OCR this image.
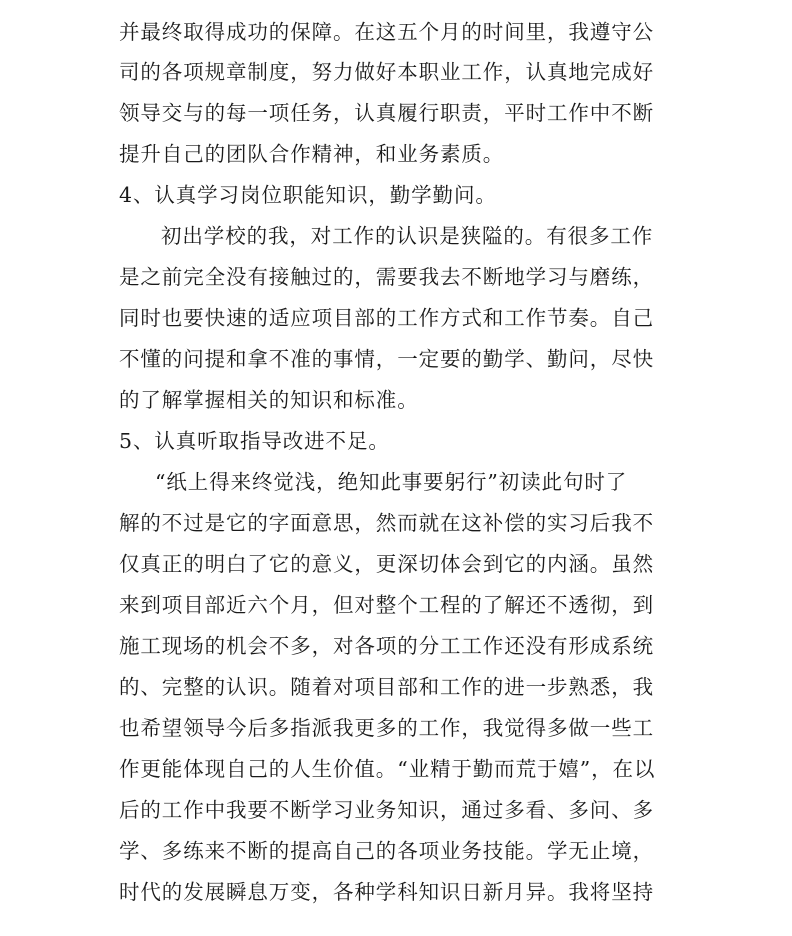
并最终取得成功的保障。在这五个月的时间里，我遵守公
司的各项规章制度，努力做好本职业工作，认真地完成好
领导交与的每一项任务，认真履行职责，平时工作中不断
提升自己的团队合作精神，和业务素质。
4、认真学习岗位职能知识，勤学勤问。
初出学校的我，对工作的认识是狭隘的。有很多工作
是之前完全没有接触过的，需要我去不断地学习与磨练，
同时也要快速的适应项目部的工作方式和工作节奏。自己
不懂的问提和拿不准的事情，一定要的勤学、勤问，尽快
的了解掌握相关的知识和标准。
5、认真听取指导改进不足。
“纸上得来终觉浅，绝知此事要躬行”初读此句时了
解的不过是它的字面意思，然而就在这补偿的实习后我不
仅真正的明白了它的意义，更深切体会到它的内涵。虽然
来到项目部近六个月，但对整个工程的了解还不透彻，到
施工现场的机会不多，对各项的分工工作还没有形成系统
的、完整的认识。随着对项目部和工作的进一步熟悉，我
也希望领导今后多指派我更多的工作，我觉得多做一些工
作更能体现自己的人生价值。“业精于勤而荒于嬉”，在以
后的工作中我要不断学习业务知识，通过多看、多问、多
学、多练来不断的提高自己的各项业务技能。学无止境，
时代的发展瞬息万变，各种学科知识日新月异。我将坚持
